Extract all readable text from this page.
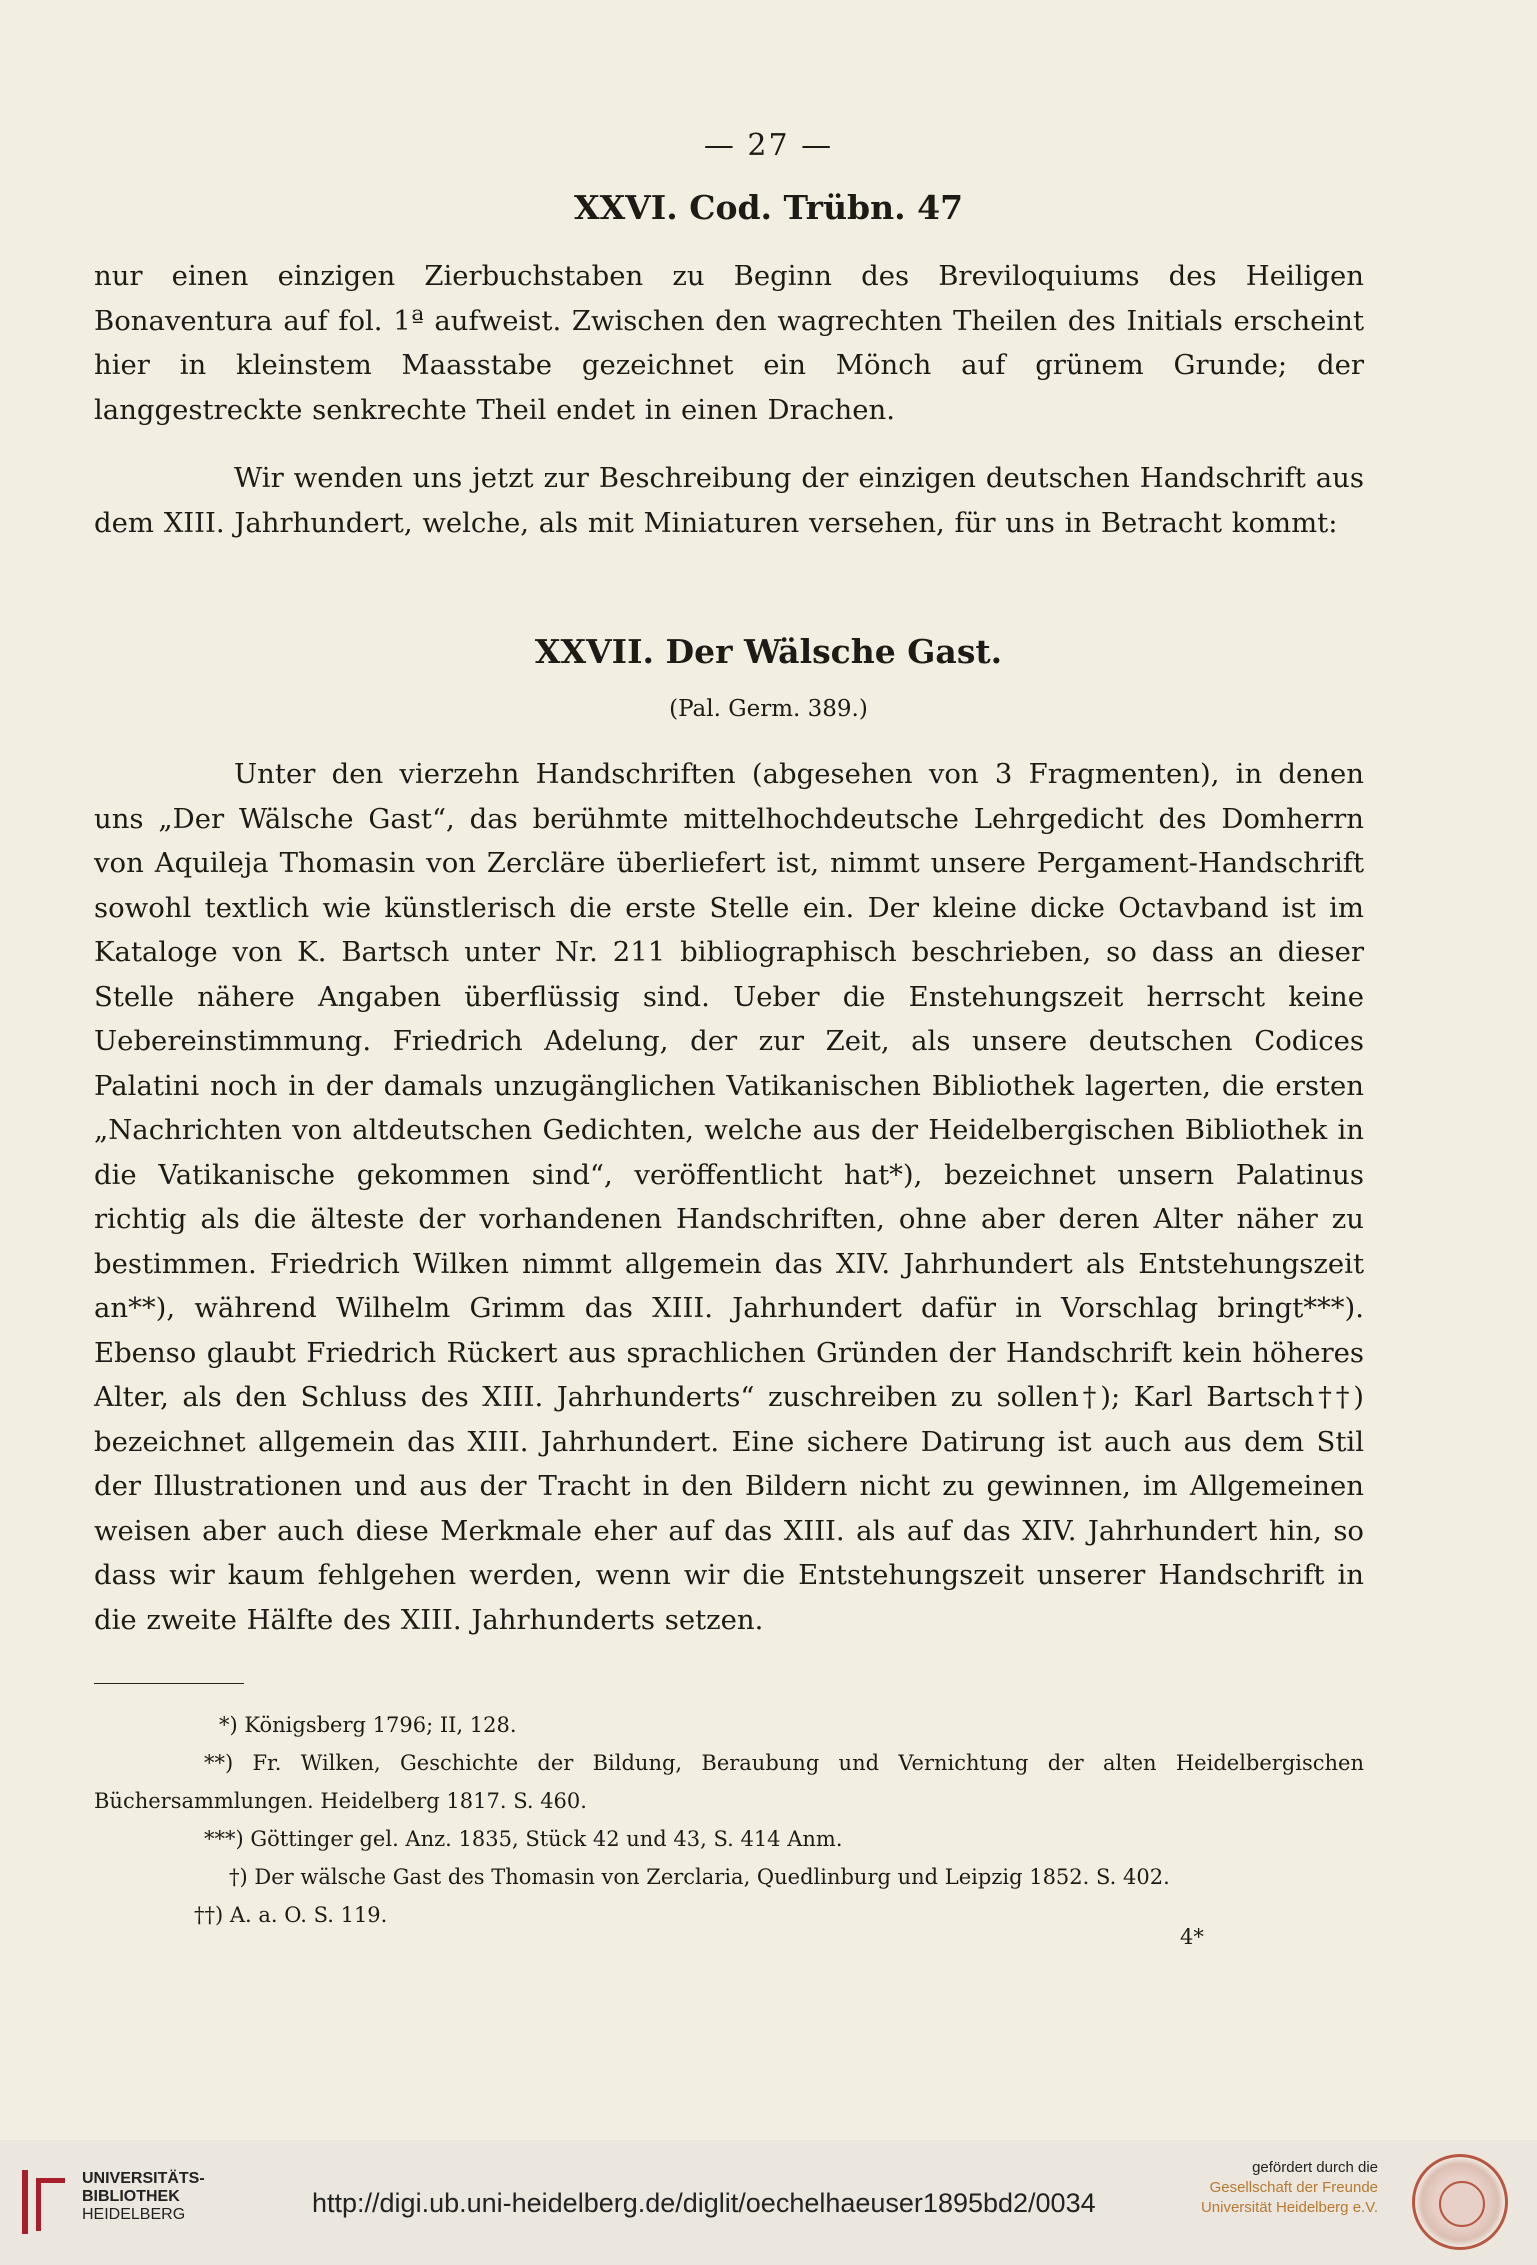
— 27 —
XXVI. Cod. Trübn. 47

nur einen einzigen Zierbuchstaben zu Beginn des Breviloquiums des Heiligen Bonaventura auf fol. 1ª aufweist. Zwischen den wagrechten Theilen des Initials erscheint hier in kleinstem Maasstabe gezeichnet ein Mönch auf grünem Grunde; der langgestreckte senkrechte Theil endet in einen Drachen.

Wir wenden uns jetzt zur Beschreibung der einzigen deutschen Handschrift aus dem XIII. Jahrhundert, welche, als mit Miniaturen versehen, für uns in Betracht kommt:

XXVII. Der Wälsche Gast.
(Pal. Germ. 389.)

Unter den vierzehn Handschriften (abgesehen von 3 Fragmenten), in denen uns „Der Wälsche Gast“, das berühmte mittelhochdeutsche Lehrgedicht des Domherrn von Aquileja Thomasin von Zercläre überliefert ist, nimmt unsere Pergament-Handschrift sowohl textlich wie künstlerisch die erste Stelle ein. Der kleine dicke Octavband ist im Kataloge von K. Bartsch unter Nr. 211 bibliographisch beschrieben, so dass an dieser Stelle nähere Angaben überflüssig sind. Ueber die Enstehungszeit herrscht keine Uebereinstimmung. Friedrich Adelung, der zur Zeit, als unsere deutschen Codices Palatini noch in der damals unzugänglichen Vatikanischen Bibliothek lagerten, die ersten „Nachrichten von altdeutschen Gedichten, welche aus der Heidelbergischen Bibliothek in die Vatikanische gekommen sind“, veröffentlicht hat*), bezeichnet unsern Palatinus richtig als die älteste der vorhandenen Handschriften, ohne aber deren Alter näher zu bestimmen. Friedrich Wilken nimmt allgemein das XIV. Jahrhundert als Entstehungszeit an**), während Wilhelm Grimm das XIII. Jahrhundert dafür in Vorschlag bringt***). Ebenso glaubt Friedrich Rückert aus sprachlichen Gründen der Handschrift kein höheres Alter, als den Schluss des XIII. Jahrhunderts“ zuschreiben zu sollen†); Karl Bartsch††) bezeichnet allgemein das XIII. Jahrhundert. Eine sichere Datirung ist auch aus dem Stil der Illustrationen und aus der Tracht in den Bildern nicht zu gewinnen, im Allgemeinen weisen aber auch diese Merkmale eher auf das XIII. als auf das XIV. Jahrhundert hin, so dass wir kaum fehlgehen werden, wenn wir die Entstehungszeit unserer Handschrift in die zweite Hälfte des XIII. Jahrhunderts setzen.

*) Königsberg 1796; II, 128.

**) Fr. Wilken, Geschichte der Bildung, Beraubung und Vernichtung der alten Heidelbergischen Büchersammlungen. Heidelberg 1817. S. 460.

***) Göttinger gel. Anz. 1835, Stück 42 und 43, S. 414 Anm.

†) Der wälsche Gast des Thomasin von Zerclaria, Quedlinburg und Leipzig 1852. S. 402.

††) A. a. O. S. 119.

4*
UNIVERSITÄTS-
BIBLIOTHEK
HEIDELBERG	http://digi.ub.uni-heidelberg.de/diglit/oechelhaeuser1895bd2/0034
gefördert durch die
Gesellschaft der Freunde
Universität Heidelberg e.V.
